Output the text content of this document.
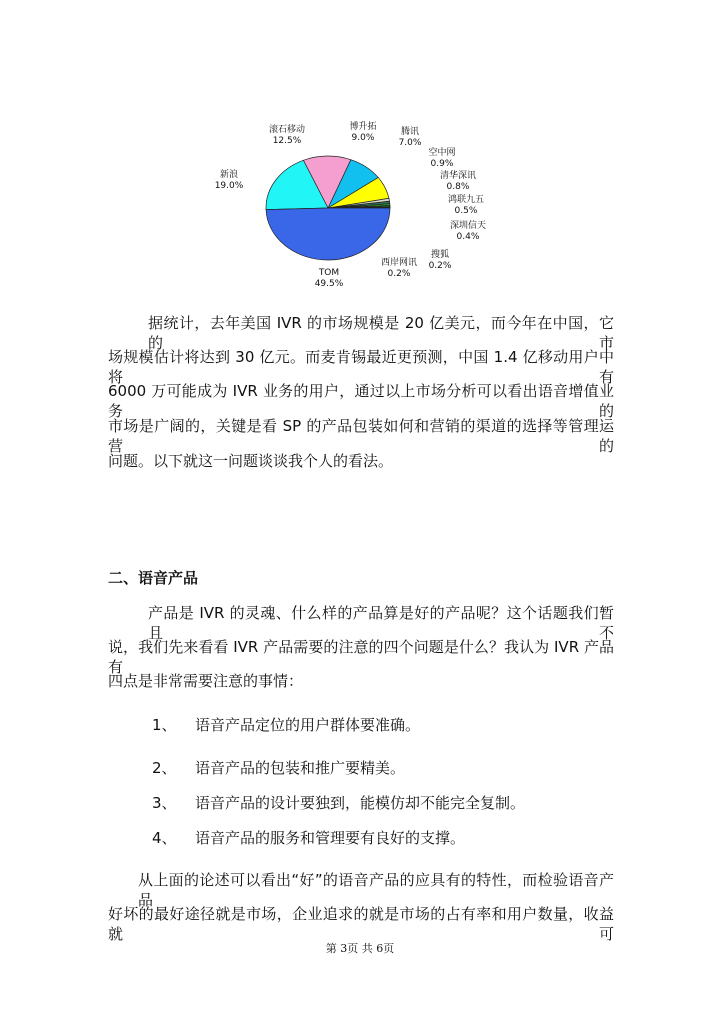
西岸网讯
0.2%
搜狐
0.2%
深圳信天
0.4%
鸿联九五
0.5%
清华深讯
0.8%
空中网
0.9%
腾讯
7.0%
博升拓
9.0%
滚石移动
12.5%
新浪
19.0%
TOM
49.5%
据统计，去年美国 IVR 的市场规模是 20 亿美元，而今年在中国，它的市
场规模估计将达到 30 亿元。而麦肯锡最近更预测，中国 1.4 亿移动用户中将有
6000 万可能成为 IVR 业务的用户，通过以上市场分析可以看出语音增值业务的
市场是广阔的，关键是看 SP 的产品包装如何和营销的渠道的选择等管理运营的
问题。以下就这一问题谈谈我个人的看法。
二、语音产品
产品是 IVR 的灵魂、什么样的产品算是好的产品呢？这个话题我们暂且不
说，我们先来看看 IVR 产品需要的注意的四个问题是什么？我认为 IVR 产品有
四点是非常需要注意的事情：
1、 语音产品定位的用户群体要准确。
2、 语音产品的包装和推广要精美。
3、 语音产品的设计要独到，能模仿却不能完全复制。
4、 语音产品的服务和管理要有良好的支撑。
从上面的论述可以看出“好”的语音产品的应具有的特性，而检验语音产品
好坏的最好途径就是市场，企业追求的就是市场的占有率和用户数量，收益就可
第 3页 共 6页
